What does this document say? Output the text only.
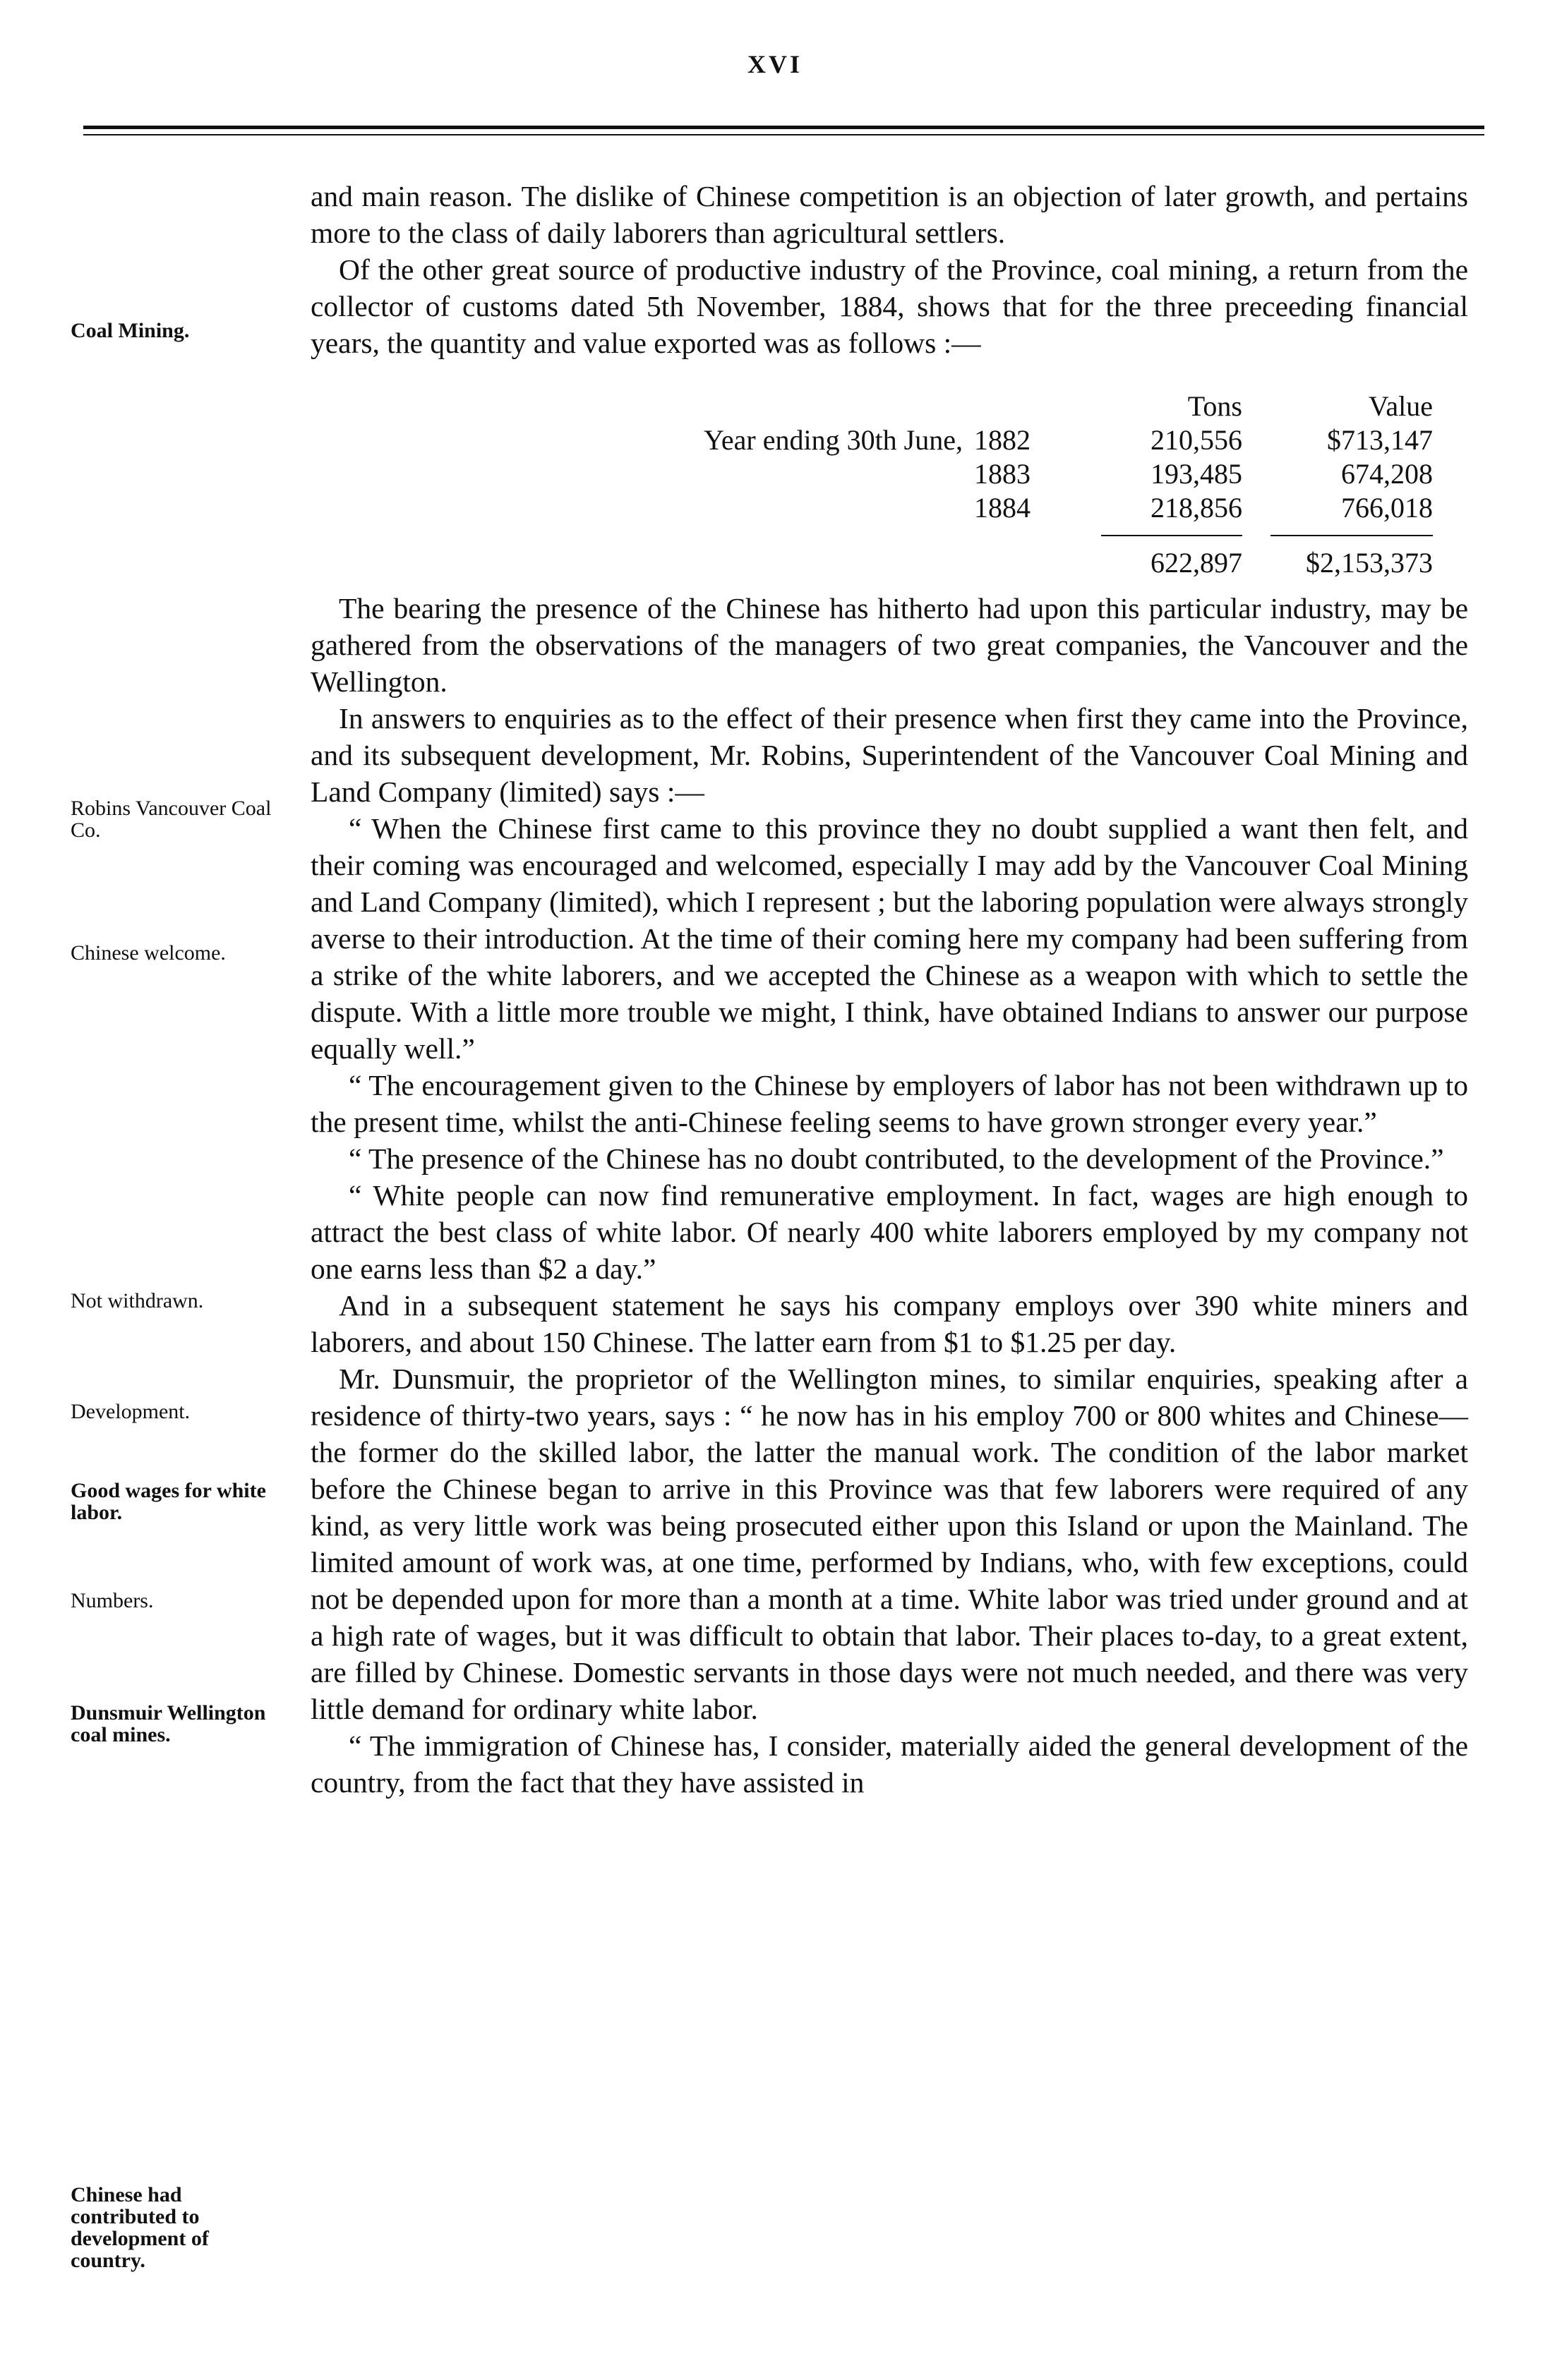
XVI
Coal Mining.
Robins Vancouver Coal Co.
Chinese welcome.
Not withdrawn.
Development.
Good wages for white labor.
Numbers.
Dunsmuir Wellington coal mines.
Chinese had contributed to development of country.

and main reason. The dislike of Chinese competition is an objection of later growth, and pertains more to the class of daily laborers than agricultural settlers.

Of the other great source of productive industry of the Province, coal mining, a return from the collector of customs dated 5th November, 1884, shows that for the three preceeding financial years, the quantity and value exported was as follows :—

Tons	Value
Year ending 30th June, 1882	210,556	$713,147
1883	193,485	674,208
1884	218,856	766,018
622,897	$2,153,373

The bearing the presence of the Chinese has hitherto had upon this particular industry, may be gathered from the observations of the managers of two great companies, the Vancouver and the Wellington.

In answers to enquiries as to the effect of their presence when first they came into the Province, and its subsequent development, Mr. Robins, Superintendent of the Vancouver Coal Mining and Land Company (limited) says :—

“ When the Chinese first came to this province they no doubt supplied a want then felt, and their coming was encouraged and welcomed, especially I may add by the Vancouver Coal Mining and Land Company (limited), which I represent ; but the laboring population were always strongly averse to their introduction. At the time of their coming here my company had been suffering from a strike of the white laborers, and we accepted the Chinese as a weapon with which to settle the dispute. With a little more trouble we might, I think, have obtained Indians to answer our purpose equally well.”

“ The encouragement given to the Chinese by employers of labor has not been withdrawn up to the present time, whilst the anti-Chinese feeling seems to have grown stronger every year.”

“ The presence of the Chinese has no doubt contributed, to the development of the Province.”

“ White people can now find remunerative employment. In fact, wages are high enough to attract the best class of white labor. Of nearly 400 white laborers employed by my company not one earns less than $2 a day.”

And in a subsequent statement he says his company employs over 390 white miners and laborers, and about 150 Chinese. The latter earn from $1 to $1.25 per day.

Mr. Dunsmuir, the proprietor of the Wellington mines, to similar enquiries, speaking after a residence of thirty-two years, says : “ he now has in his employ 700 or 800 whites and Chinese—the former do the skilled labor, the latter the manual work. The condition of the labor market before the Chinese began to arrive in this Province was that few laborers were required of any kind, as very little work was being prosecuted either upon this Island or upon the Mainland. The limited amount of work was, at one time, performed by Indians, who, with few exceptions, could not be depended upon for more than a month at a time. White labor was tried under ground and at a high rate of wages, but it was difficult to obtain that labor. Their places to-day, to a great extent, are filled by Chinese. Domestic servants in those days were not much needed, and there was very little demand for ordinary white labor.

“ The immigration of Chinese has, I consider, materially aided the general development of the country, from the fact that they have assisted in
